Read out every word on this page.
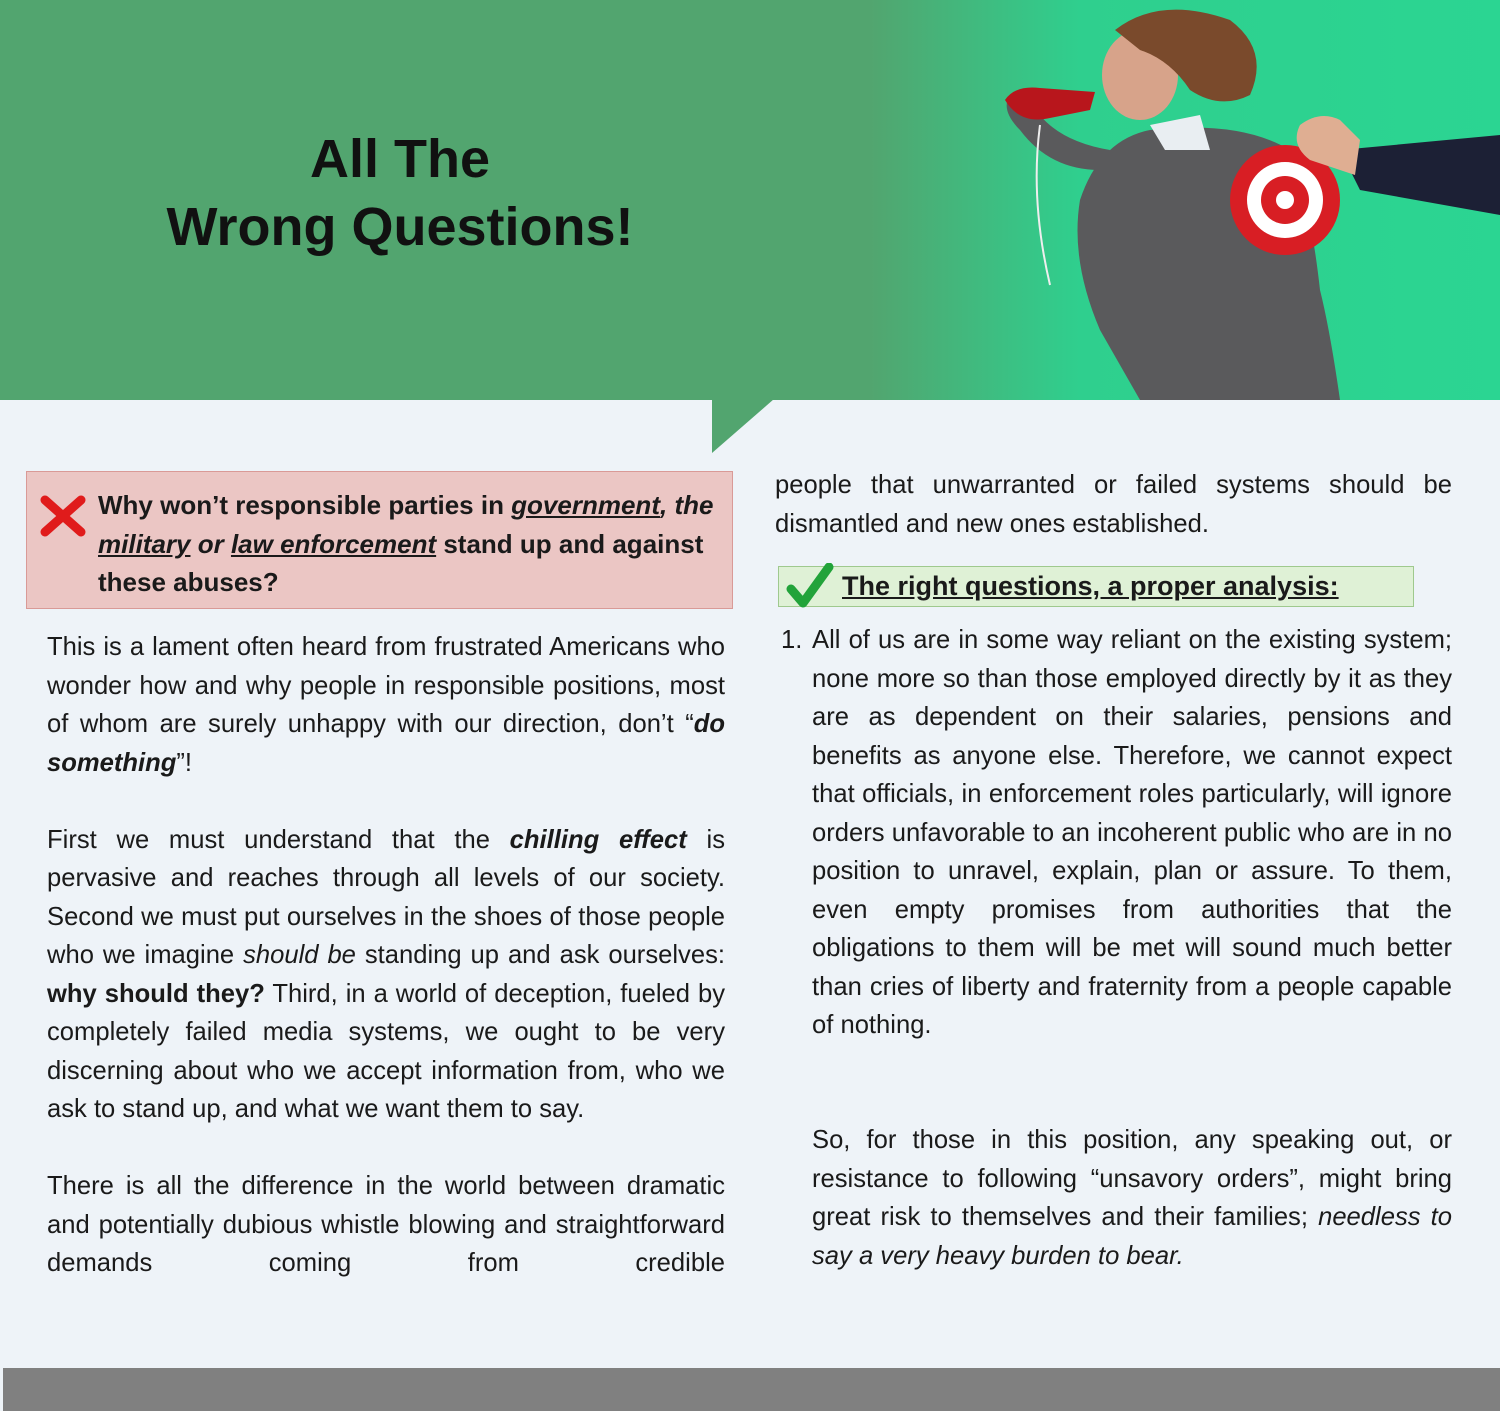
All The
Wrong Questions!
Why won’t responsible parties in government, the military or law enforcement stand up and against these abuses?

This is a lament often heard from frustrated Americans who wonder how and why people in responsible positions, most of whom are surely unhappy with our direction, don’t “do something”!

First we must understand that the chilling effect is pervasive and reaches through all levels of our society. Second we must put ourselves in the shoes of those people who we imagine should be standing up and ask ourselves: why should they? Third, in a world of deception, fueled by completely failed media systems, we ought to be very discerning about who we accept information from, who we ask to stand up, and what we want them to say.

There is all the difference in the world between dramatic and potentially dubious whistle blowing and straightforward demands coming from credible

people that unwarranted or failed systems should be dismantled and new ones established.
The right questions, a proper analysis:
1. All of us are in some way reliant on the existing system; none more so than those employed directly by it as they are as dependent on their salaries, pensions and benefits as anyone else. Therefore, we cannot expect that officials, in enforcement roles particularly, will ignore orders unfavorable to an incoherent public who are in no position to unravel, explain, plan or assure. To them, even empty promises from authorities that the obligations to them will be met will sound much better than cries of liberty and fraternity from a people capable of nothing.
So, for those in this position, any speaking out, or resistance to following “unsavory orders”, might bring great risk to themselves and their families; needless to say a very heavy burden to bear.
